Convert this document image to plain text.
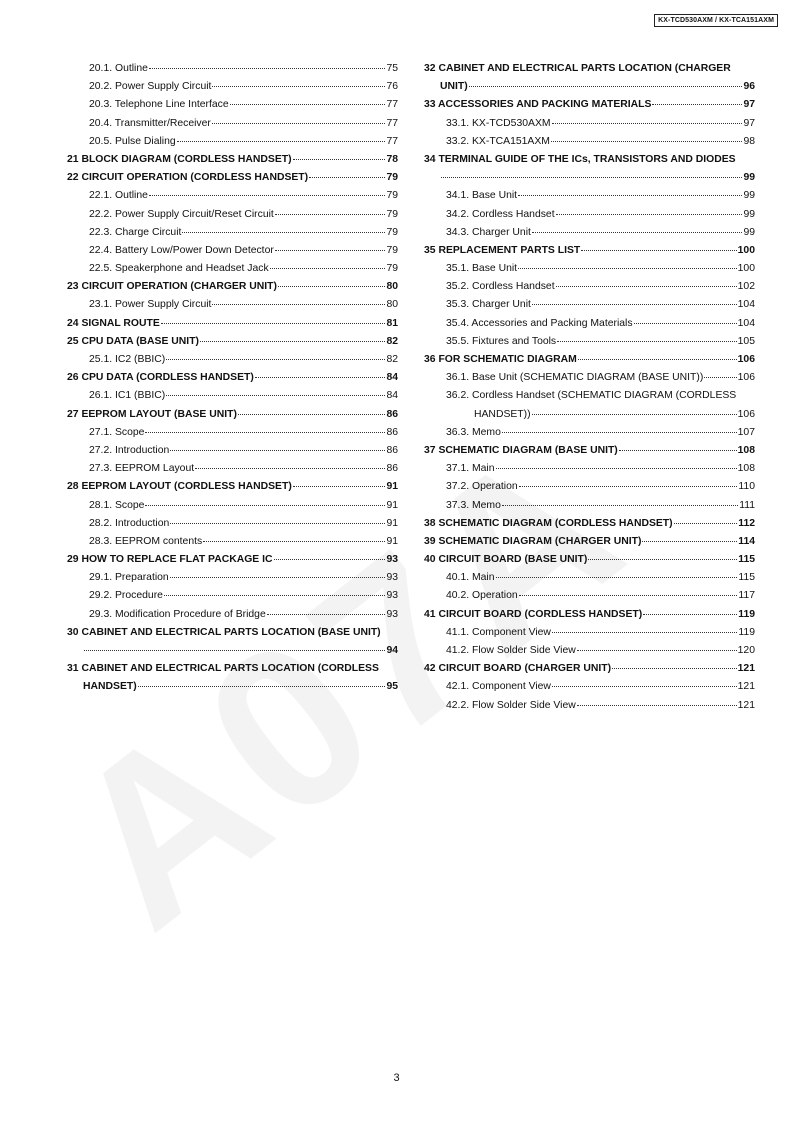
KX-TCD530AXM / KX-TCA151AXM
20.1. Outline	75
20.2. Power Supply Circuit	76
20.3. Telephone Line Interface	77
20.4. Transmitter/Receiver	77
20.5. Pulse Dialing	77
21 BLOCK DIAGRAM (CORDLESS HANDSET)	78
22 CIRCUIT OPERATION (CORDLESS HANDSET)	79
22.1. Outline	79
22.2. Power Supply Circuit/Reset Circuit	79
22.3. Charge Circuit	79
22.4. Battery Low/Power Down Detector	79
22.5. Speakerphone and Headset Jack	79
23 CIRCUIT OPERATION (CHARGER UNIT)	80
23.1. Power Supply Circuit	80
24 SIGNAL ROUTE	81
25 CPU DATA (BASE UNIT)	82
25.1. IC2 (BBIC)	82
26 CPU DATA (CORDLESS HANDSET)	84
26.1. IC1 (BBIC)	84
27 EEPROM LAYOUT (BASE UNIT)	86
27.1. Scope	86
27.2. Introduction	86
27.3. EEPROM Layout	86
28 EEPROM LAYOUT (CORDLESS HANDSET)	91
28.1. Scope	91
28.2. Introduction	91
28.3. EEPROM contents	91
29 HOW TO REPLACE FLAT PACKAGE IC	93
29.1. Preparation	93
29.2. Procedure	93
29.3. Modification Procedure of Bridge	93
30 CABINET AND ELECTRICAL PARTS LOCATION (BASE UNIT)
94
31 CABINET AND ELECTRICAL PARTS LOCATION (CORDLESS
HANDSET)	95
32 CABINET AND ELECTRICAL PARTS LOCATION (CHARGER
UNIT)	96
33 ACCESSORIES AND PACKING MATERIALS	97
33.1. KX-TCD530AXM	97
33.2. KX-TCA151AXM	98
34 TERMINAL GUIDE OF THE ICs, TRANSISTORS AND DIODES
99
34.1. Base Unit	99
34.2. Cordless Handset	99
34.3. Charger Unit	99
35 REPLACEMENT PARTS LIST	100
35.1. Base Unit	100
35.2. Cordless Handset	102
35.3. Charger Unit	104
35.4. Accessories and Packing Materials	104
35.5. Fixtures and Tools	105
36 FOR SCHEMATIC DIAGRAM	106
36.1. Base Unit (SCHEMATIC DIAGRAM (BASE UNIT))	106
36.2. Cordless Handset (SCHEMATIC DIAGRAM (CORDLESS
HANDSET))	106
36.3. Memo	107
37 SCHEMATIC DIAGRAM (BASE UNIT)	108
37.1. Main	108
37.2. Operation	110
37.3. Memo	111
38 SCHEMATIC DIAGRAM (CORDLESS HANDSET)	112
39 SCHEMATIC DIAGRAM (CHARGER UNIT)	114
40 CIRCUIT BOARD (BASE UNIT)	115
40.1. Main	115
40.2. Operation	117
41 CIRCUIT BOARD (CORDLESS HANDSET)	119
41.1. Component View	119
41.2. Flow Solder Side View	120
42 CIRCUIT BOARD (CHARGER UNIT)	121
42.1. Component View	121
42.2. Flow Solder Side View	121
3
